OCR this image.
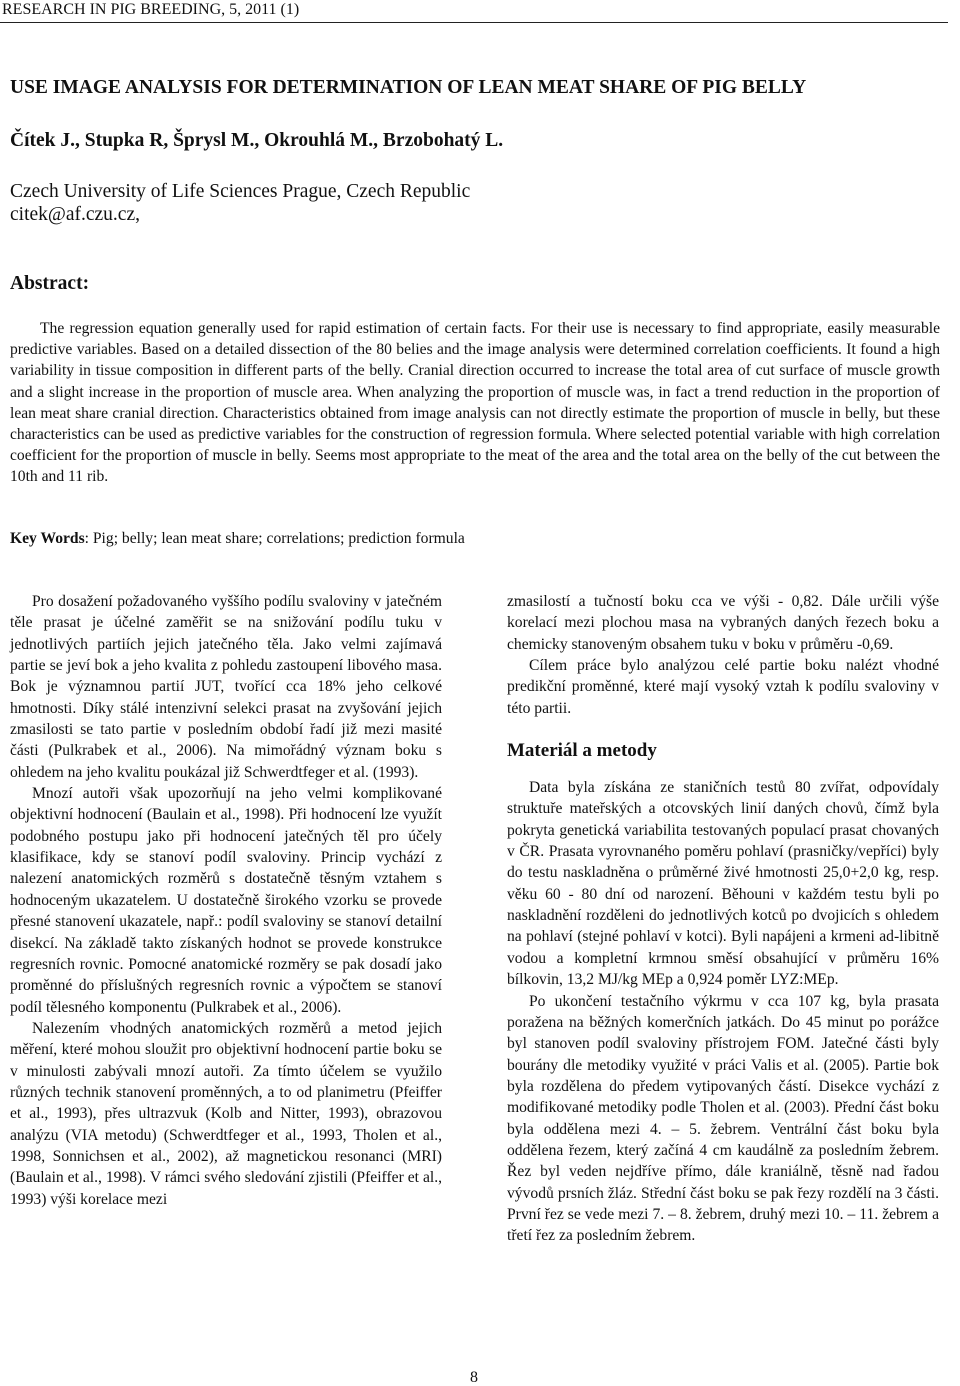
RESEARCH IN PIG BREEDING, 5, 2011 (1)
USE IMAGE ANALYSIS FOR DETERMINATION OF LEAN MEAT SHARE OF PIG BELLY
Čítek J., Stupka R, Šprysl M., Okrouhlá M., Brzobohatý L.
Czech University of Life Sciences Prague, Czech Republic
citek@af.czu.cz,
Abstract:
The regression equation generally used for rapid estimation of certain facts. For their use is necessary to find appropriate, easily measurable predictive variables. Based on a detailed dissection of the 80 belies and the image analysis were determined correlation coefficients. It found a high variability in tissue composition in different parts of the belly. Cranial direction occurred to increase the total area of cut surface of muscle growth and a slight increase in the proportion of muscle area. When analyzing the proportion of muscle was, in fact a trend reduction in the proportion of lean meat share cranial direction. Characteristics obtained from image analysis can not directly estimate the proportion of muscle in belly, but these characteristics can be used as predictive variables for the construction of regression formula. Where selected potential variable with high correlation coefficient for the proportion of muscle in belly. Seems most appropriate to the meat of the area and the total area on the belly of the cut between the 10th and 11 rib.
Key Words: Pig; belly; lean meat share; correlations; prediction formula

Pro dosažení požadovaného vyššího podílu svaloviny v jatečném těle prasat je účelné zaměřit se na snižování podílu tuku v jednotlivých partiích jejich jatečného těla. Jako velmi zajímavá partie se jeví bok a jeho kvalita z pohledu zastoupení libového masa. Bok je významnou partií JUT, tvořící cca 18% jeho celkové hmotnosti. Díky stálé intenzivní selekci prasat na zvyšování jejich zmasilosti se tato partie v posledním období řadí již mezi masité části (Pulkrabek et al., 2006). Na mimořádný význam boku s ohledem na jeho kvalitu poukázal již Schwerdtfeger et al. (1993).

Mnozí autoři však upozorňují na jeho velmi komplikované objektivní hodnocení (Baulain et al., 1998). Při hodnocení lze využít podobného postupu jako při hodnocení jatečných těl pro účely klasifikace, kdy se stanoví podíl svaloviny. Princip vychází z nalezení anatomických rozměrů s dostatečně těsným vztahem s hodnoceným ukazatelem. U dostatečně širokého vzorku se provede přesné stanovení ukazatele, např.: podíl svaloviny se stanoví detailní disekcí. Na základě takto získaných hodnot se provede konstrukce regresních rovnic. Pomocné anatomické rozměry se pak dosadí jako proměnné do příslušných regresních rovnic a výpočtem se stanoví podíl tělesného komponentu (Pulkrabek et al., 2006).

Nalezením vhodných anatomických rozměrů a metod jejich měření, které mohou sloužit pro objektivní hodnocení partie boku se v minulosti zabývali mnozí autoři. Za tímto účelem se využilo různých technik stanovení proměnných, a to od planimetru (Pfeiffer et al., 1993), přes ultrazvuk (Kolb and Nitter, 1993), obrazovou analýzu (VIA metodu) (Schwerdtfeger et al., 1993, Tholen et al., 1998, Sonnichsen et al., 2002), až magnetickou resonanci (MRI) (Baulain et al., 1998). V rámci svého sledování zjistili (Pfeiffer et al., 1993) výši korelace mezi

zmasilostí a tučností boku cca ve výši - 0,82. Dále určili výše korelací mezi plochou masa na vybraných daných řezech boku a chemicky stanoveným obsahem tuku v boku v průměru -0,69.

Cílem práce bylo analýzou celé partie boku nalézt vhodné predikční proměnné, které mají vysoký vztah k podílu svaloviny v této partii.

Materiál a metody

Data byla získána ze staničních testů 80 zvířat, odpovídaly struktuře mateřských a otcovských linií daných chovů, čímž byla pokryta genetická variabilita testovaných populací prasat chovaných v ČR. Prasata vyrovnaného poměru pohlaví (prasničky/vepříci) byly do testu naskladněna o průměrné živé hmotnosti 25,0+2,0 kg, resp. věku 60 - 80 dní od narození. Běhouni v každém testu byli po naskladnění rozděleni do jednotlivých kotců po dvojicích s ohledem na pohlaví (stejné pohlaví v kotci). Byli napájeni a krmeni ad-libitně vodou a kompletní krmnou směsí obsahující v průměru 16% bílkovin, 13,2 MJ/kg MEp a 0,924 poměr LYZ:MEp.

Po ukončení testačního výkrmu v cca 107 kg, byla prasata poražena na běžných komerčních jatkách. Do 45 minut po porážce byl stanoven podíl svaloviny přístrojem FOM. Jatečné části byly bourány dle metodiky využité v práci Valis et al. (2005). Partie bok byla rozdělena do předem vytipovaných částí. Disekce vychází z modifikované metodiky podle Tholen et al. (2003). Přední část boku byla oddělena mezi 4. – 5. žebrem. Ventrální část boku byla oddělena řezem, který začíná 4 cm kaudálně za posledním žebrem. Řez byl veden nejdříve přímo, dále kraniálně, těsně nad řadou vývodů prsních žláz. Střední část boku se pak řezy rozdělí na 3 části. První řez se vede mezi 7. – 8. žebrem, druhý mezi 10. – 11. žebrem a třetí řez za posledním žebrem.

8
